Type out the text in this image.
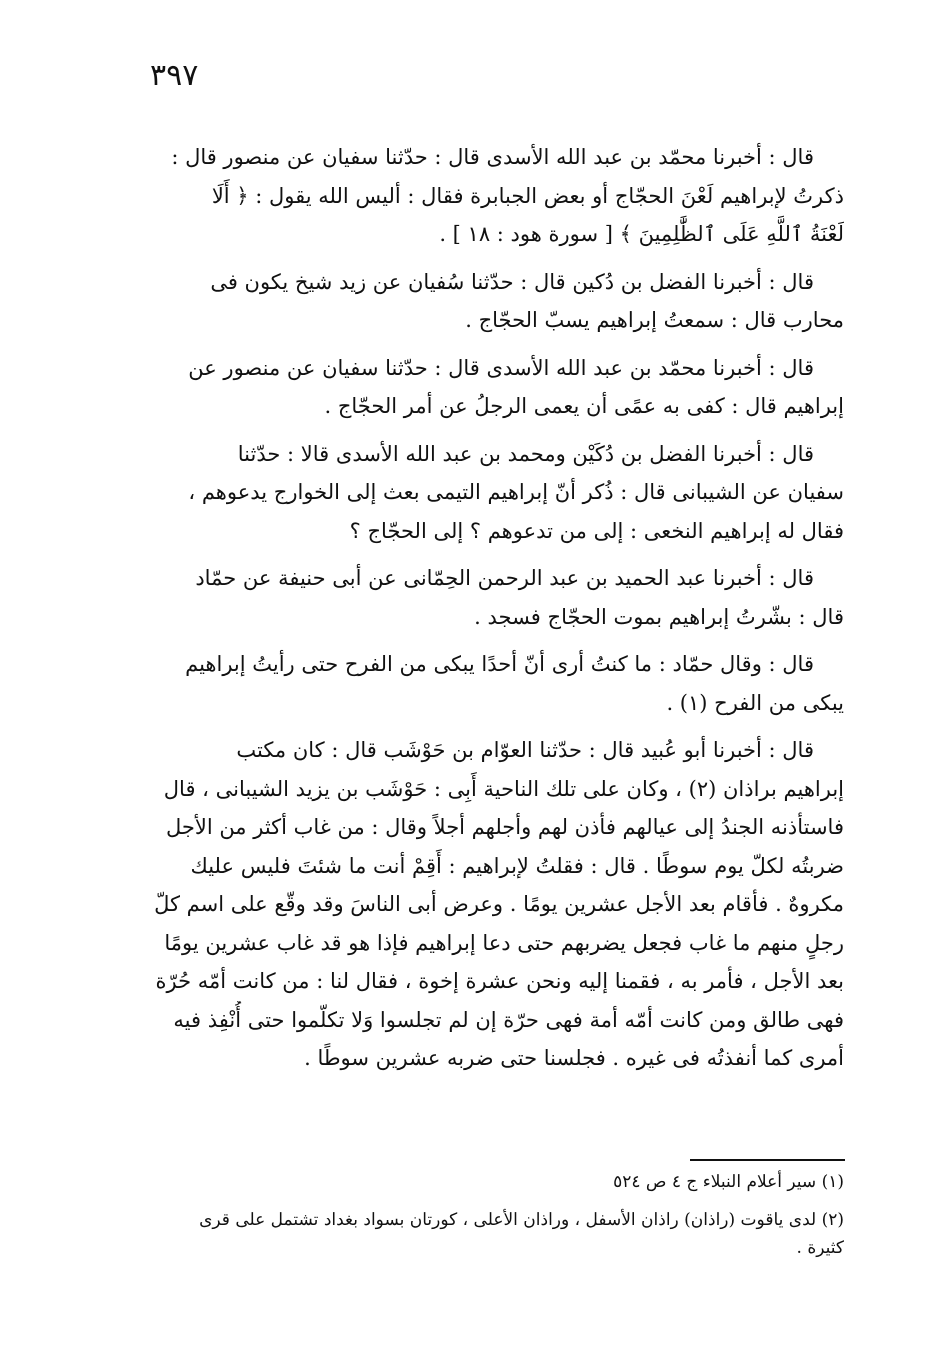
٣٩٧
قال : أخبرنا محمّد بن عبد الله الأسدى قال : حدّثنا سفيان عن منصور قال :
ذكرتُ لإبراهيم لَعْنَ الحجّاج أو بعض الجبابرة فقال : أليس الله يقول : ﴿ أَلَا
لَعْنَةُ ٱللَّهِ عَلَى ٱلظَّٰلِمِينَ ﴾ [ سورة هود : ١٨ ] .
قال : أخبرنا الفضل بن دُكين قال : حدّثنا سُفيان عن زيد شيخ يكون فى
محارب قال : سمعتُ إبراهيم يسبّ الحجّاج .
قال : أخبرنا محمّد بن عبد الله الأسدى قال : حدّثنا سفيان عن منصور عن
إبراهيم قال : كفى به عمًى أن يعمى الرجلُ عن أمر الحجّاج .
قال : أخبرنا الفضل بن دُكَيْن ومحمد بن عبد الله الأسدى قالا : حدّثنا
سفيان عن الشيبانى قال : ذُكر أنّ إبراهيم التيمى بعث إلى الخوارج يدعوهم ،
فقال له إبراهيم النخعى : إلى من تدعوهم ؟ إلى الحجّاج ؟
قال : أخبرنا عبد الحميد بن عبد الرحمن الحِمّانى عن أبى حنيفة عن حمّاد
قال : بشّرتُ إبراهيم بموت الحجّاج فسجد .
قال : وقال حمّاد : ما كنتُ أرى أنّ أحدًا يبكى من الفرح حتى رأيتُ إبراهيم
يبكى من الفرح (١) .
قال : أخبرنا أبو عُبيد قال : حدّثنا العوّام بن حَوْشَب قال : كان مكتب
إبراهيم براذان (٢) ، وكان على تلك الناحية أَبِى : حَوْشَب بن يزيد الشيبانى ، قال
فاستأذنه الجندُ إلى عيالهم فأذن لهم وأجلهم أجلاً وقال : من غاب أكثر من الأجل
ضربتُه لكلّ يوم سوطًا . قال : فقلتُ لإبراهيم : أَقِمْ أنت ما شئتَ فليس عليك
مكروهٌ . فأقام بعد الأجل عشرين يومًا . وعرض أبى الناسَ وقد وقّع على اسم كلّ
رجلٍ منهم ما غاب فجعل يضربهم حتى دعا إبراهيم فإذا هو قد غاب عشرين يومًا
بعد الأجل ، فأمر به ، فقمنا إليه ونحن عشرة إخوة ، فقال لنا : من كانت أمّه حُرّة
فهى طالق ومن كانت أمّه أمة فهى حرّة إن لم تجلسوا وَلا تكلّموا حتى أُنْفِذ فيه
أمرى كما أنفذتُه فى غيره . فجلسنا حتى ضربه عشرين سوطًا .
(١) سير أعلام النبلاء ج ٤ ص ٥٢٤
(٢) لدى ياقوت (راذان) راذان الأسفل ، وراذان الأعلى ، كورتان بسواد بغداد تشتمل على قرى
كثيرة .
